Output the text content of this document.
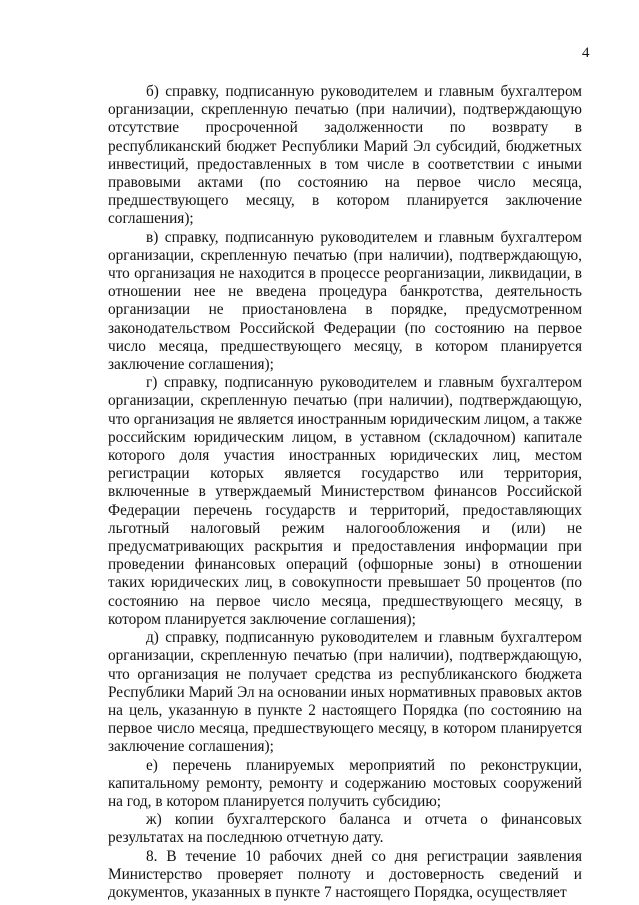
4

б) справку, подписанную руководителем и главным бухгалтером организации, скрепленную печатью (при наличии), подтверждающую отсутствие просроченной задолженности по возврату в республиканский бюджет Республики Марий Эл субсидий, бюджетных инвестиций, предоставленных в том числе в соответствии с иными правовыми актами (по состоянию на первое число месяца, предшествующего месяцу, в котором планируется заключение соглашения);

в) справку, подписанную руководителем и главным бухгалтером организации, скрепленную печатью (при наличии), подтверждающую, что организация не находится в процессе реорганизации, ликвидации, в отношении нее не введена процедура банкротства, деятельность организации не приостановлена в порядке, предусмотренном законодательством Российской Федерации (по состоянию на первое число месяца, предшествующего месяцу, в котором планируется заключение соглашения);

г) справку, подписанную руководителем и главным бухгалтером организации, скрепленную печатью (при наличии), подтверждающую, что организация не является иностранным юридическим лицом, а также российским юридическим лицом, в уставном (складочном) капитале которого доля участия иностранных юридических лиц, местом регистрации которых является государство или территория, включенные в утверждаемый Министерством финансов Российской Федерации перечень государств и территорий, предоставляющих льготный налоговый режим налогообложения и (или) не предусматривающих раскрытия и предоставления информации при проведении финансовых операций (офшорные зоны) в отношении таких юридических лиц, в совокупности превышает 50 процентов (по состоянию на первое число месяца, предшествующего месяцу, в котором планируется заключение соглашения);

д) справку, подписанную руководителем и главным бухгалтером организации, скрепленную печатью (при наличии), подтверждающую, что организация не получает средства из республиканского бюджета Республики Марий Эл на основании иных нормативных правовых актов на цель, указанную в пункте 2 настоящего Порядка (по состоянию на первое число месяца, предшествующего месяцу, в котором планируется заключение соглашения);

е) перечень планируемых мероприятий по реконструкции, капитальному ремонту, ремонту и содержанию мостовых сооружений на год, в котором планируется получить субсидию;

ж) копии бухгалтерского баланса и отчета о финансовых результатах на последнюю отчетную дату.

8. В течение 10 рабочих дней со дня регистрации заявления Министерство проверяет полноту и достоверность сведений и документов, указанных в пункте 7 настоящего Порядка, осуществляет
